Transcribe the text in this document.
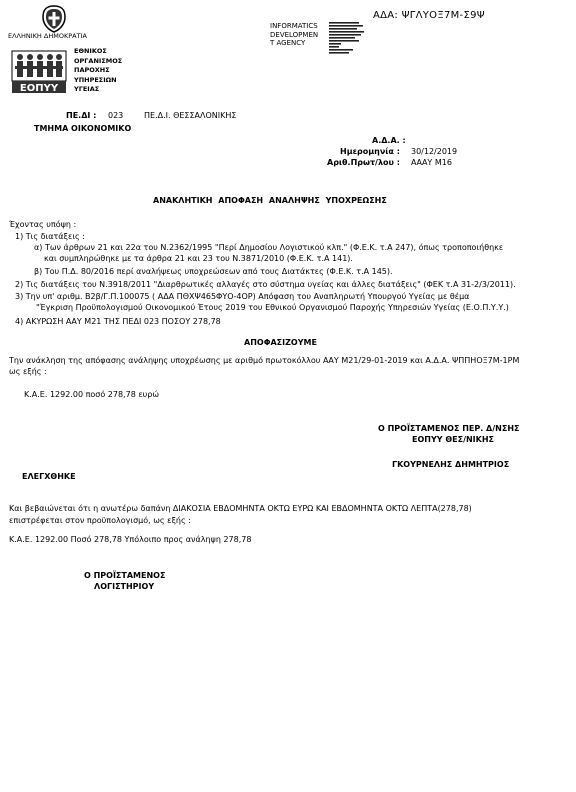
ΕΛΛΗΝΙΚΗ ΔΗΜΟΚΡΑΤΙΑ
ΕΟΠΥΥ
ΕΘΝΙΚΟΣ
ΟΡΓΑΝΙΣΜΟΣ
ΠΑΡΟΧΗΣ
ΥΠΗΡΕΣΙΩΝ
ΥΓΕΙΑΣ
INFORMATICS
DEVELOPMEN
T AGENCY
ΑΔΑ: ΨΓΛΥΟΞ7Μ-Σ9Ψ
ΠΕ.ΔΙ : 023	ΠΕ.Δ.Ι. ΘΕΣΣΑΛΟΝΙΚΗΣ
ΤΜΗΜΑ ΟΙΚΟΝΟΜΙΚΟ
Α.Δ.Α. :
Ημερομηνία : 30/12/2019
Αριθ.Πρωτ/λου : ΑΑΑΥ Μ16
ΑΝΑΚΛΗΤΙΚΗ ΑΠΟΦΑΣΗ ΑΝΑΛΗΨΗΣ ΥΠΟΧΡΕΩΣΗΣ
Έχοντας υπόψη :
1) Τις διατάξεις :
α) Των άρθρων 21 και 22α του Ν.2362/1995 "Περί Δημοσίου Λογιστικού κλπ." (Φ.Ε.Κ. τ.Α 247), όπως τροποποιήθηκε
και συμπληρώθηκε με τα άρθρα 21 και 23 του Ν.3871/2010 (Φ.Ε.Κ. τ.Α 141).
β) Του Π.Δ. 80/2016 περί αναλήψεως υποχρεώσεων από τους Διατάκτες (Φ.Ε.Κ. τ.Α 145).
2) Τις διατάξεις του Ν.3918/2011 "Διαρθρωτικές αλλαγές στο σύστημα υγείας και άλλες διατάξεις" (ΦΕΚ τ.Α 31-2/3/2011).
3) Την υπ' αριθμ. Β2β/Γ.Π.100075 ( ΑΔΑ ΠΘΧΨ465ΦΥΟ-4ΟΡ) Απόφαση του Αναπληρωτή Υπουργού Υγείας με θέμα
"Έγκριση Προϋπολογισμού Οικονομικού Έτους 2019 του Εθνικού Οργανισμού Παροχής Υπηρεσιών Υγείας (Ε.Ο.Π.Υ.Υ.)
4) ΑΚΥΡΩΣΗ ΑΑΥ Μ21 ΤΗΣ ΠΕΔΙ 023 ΠΟΣΟΥ 278,78
ΑΠΟΦΑΣΙΖΟΥΜΕ
Την ανάκληση της απόφασης ανάληψης υποχρέωσης με αριθμό πρωτοκόλλου ΑΑΥ Μ21/29-01-2019 και Α.Δ.Α. ΨΠΠΗΟΞ7Μ-1ΡΜ
ως εξής :
Κ.Α.Ε. 1292.00 ποσό 278,78 ευρώ
Ο ΠΡΟΪΣΤΑΜΕΝΟΣ ΠΕΡ. Δ/ΝΣΗΣ
ΕΟΠΥΥ ΘΕΣ/ΝΙΚΗΣ
ΓΚΟΥΡΝΕΛΗΣ ΔΗΜΗΤΡΙΟΣ
ΕΛΕΓΧΘΗΚΕ
Και βεβαιώνεται ότι η ανωτέρω δαπάνη ΔΙΑΚΟΣΙΑ ΕΒΔΟΜΗΝΤΑ ΟΚΤΩ ΕΥΡΩ ΚΑΙ ΕΒΔΟΜΗΝΤΑ ΟΚΤΩ ΛΕΠΤΑ(278,78)
επιστρέφεται στον προϋπολογισμό, ως εξής :
Κ.Α.Ε. 1292.00 Ποσό 278,78 Υπόλοιπο προς ανάληψη 278,78
Ο ΠΡΟΪΣΤΑΜΕΝΟΣ
ΛΟΓΙΣΤΗΡΙΟΥ
